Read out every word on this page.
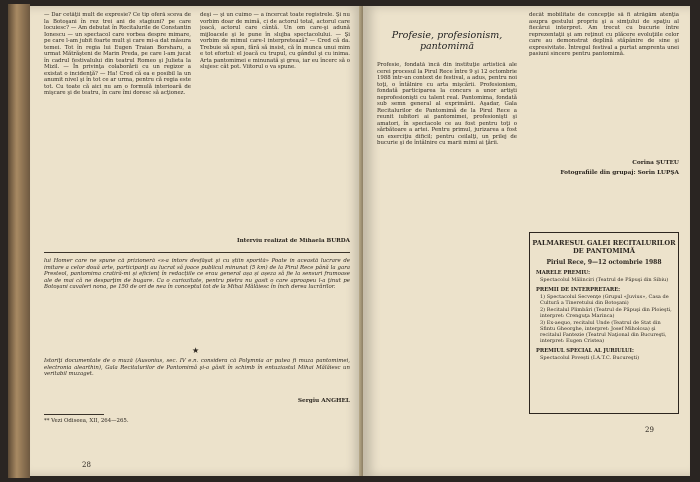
— Dar cetăţii mult de expresie? Ce tip oferă sceva de la Botoşani în rez trei ani de stagiuni? pe care locuiesc? — Am debutat în Recitalurile de Constantin Ionescu — un spectacol care vorbea despre mimare, pe care l-am jubit foarte mult şi care mi-a dat măsura temei. Tot în regia lui Eugen Traian Borsharu, a urmat Mătrăşteni de Marin Preda, pe care l-am jucat în cadrul festivalului din teatrul Romeo şi Julieta la Mizil. — În privinţa colaborării cu un regizor a existat o incidenţă? — Ha! Cred că ea e posibil la un anumit nivel şi în tot ce ar urma, pentru că regia este tot. Cu toate că aici nu am o formulă interioară de mişcare şi de teatru, în care îmi doresc să acţionez.
deşi — şi un cuimo — a încercat toate registrele. Şi nu vorbim doar de mimă, ci de actorul total, actorul care joacă, actorul care cântă. Un om care-şi adună mijloacele şi le pune în slujba spectacolului. — Şi vorbim de mimul care-l interpretează? — Cred că da. Trebuie să spun, fără să insist, că în munca unui mim e tot efortul: el joacă cu trupul, cu gândul şi cu inima. Arta pantomimei e minunată şi grea, iar eu încerc să o slujesc cât pot. Viitorul o va spune.
Interviu realizat de Mihaela BURDA
lui Homer care ne spune că prizioneră «s-a întors desfăşat şi cu știin sporită» Poate în această lucrare de imitare a celor două arte, participanţi au lucrat să joace publicul minunat (5 km) de la Pirul Rece până la gara Presteol, pantomima cratiră-mi și eficienț în redacțiile ce erau general așa și așeza să fie la sensuri frumoase ale de mai că ne desparţim de bugare. Ca o curiozitate, pentru pietra nu gasit o care aproapeu l-a ţinut pe Botoşani cavaleri nona, pe 150 de ori de nea în conceptul tot de la Mihai Mălăiesc în înch derea lucrărilor.
★
Istoriţi documentate de o muză (Ausonius, sec. IV e.n. considera că Polymnia ar putea fi muza pantomimei, electronia alearthin), Gala Recitalurilor de Pantomimă şi-a găsit în schimb în entuziastul Mihai Mălăiesc un veritabil muzaget.
Sergiu ANGHEL
** Vezi Odiseea, XII, 264—265.
28
Profesie, profesionism, pantomimă
Profesie, fondată încă din înstituţie artistică ale cerei procesul la Pirul Rece între 9 şi 12 octombrie 1988 într-un context de festival, a adus, pentru noi toţi, o întâlnire cu arta mişcării. Profesionism, fondată participarea la concurs a unor artişti neprofesionişti cu talent real. Pantomima, fondată sub semn general al exprimării. Aşadar, Gala Recitalurilor de Pantomimă de la Pirul Rece a reunit iubitori ai pantomimei, profesionişti şi amatori, în spectacole ce au fost pentru toţi o sărbătoare a artei. Pentru primul, jurizarea a fost un exerciţiu dificil; pentru ceilalţi, un prilej de bucurie şi de întâlnire cu marii mimi ai ţării.
decât mobilitate de concepţie să fi atrăgăm atenţia asupra gestului propriu şi a simţului de spaţiu al fiecărui interpret. Am trecut cu bucurie între reprezentaţii şi am reţinut cu plăcere evoluţiile celor care au demonstrat deplină stăpânire de sine şi expresivitate. Întregul festival a purtat amprenta unei pasiuni sincere pentru pantomimă.
Corina ŞUTEU
Fotografiile din grupaj: Sorin LUPŞA
PALMARESUL GALEI RECITALURILOR DE PANTOMIMĂ
Piriul Rece, 9—12 octombrie 1988
MARELE PREMIU:
Spectacolul Mălinciri (Teatrul de Păpuşi din Sibiu)
PREMII DE INTERPRETARE:
1) Spectacolul Secvenţe (Grupul «Juvius», Casa de Cultură a Tineretului din Botoşani)
2) Recitalul Plimbări (Teatrul de Păpuşi din Ploieşti, interpret: Crenguţa Marinca)
3) Ex-aequo, recitalul Unde (Teatrul de Stat din Sfintu Gheorghe, interpret: Josef Miholcsa) şi recitalul Fantezie (Teatrul Naţional din Bucureşti, interpret: Eugen Cristea)
PREMIUL SPECIAL AL JURIULUI:
Spectacolul Povești (I.A.T.C. Bucureşti)
29
